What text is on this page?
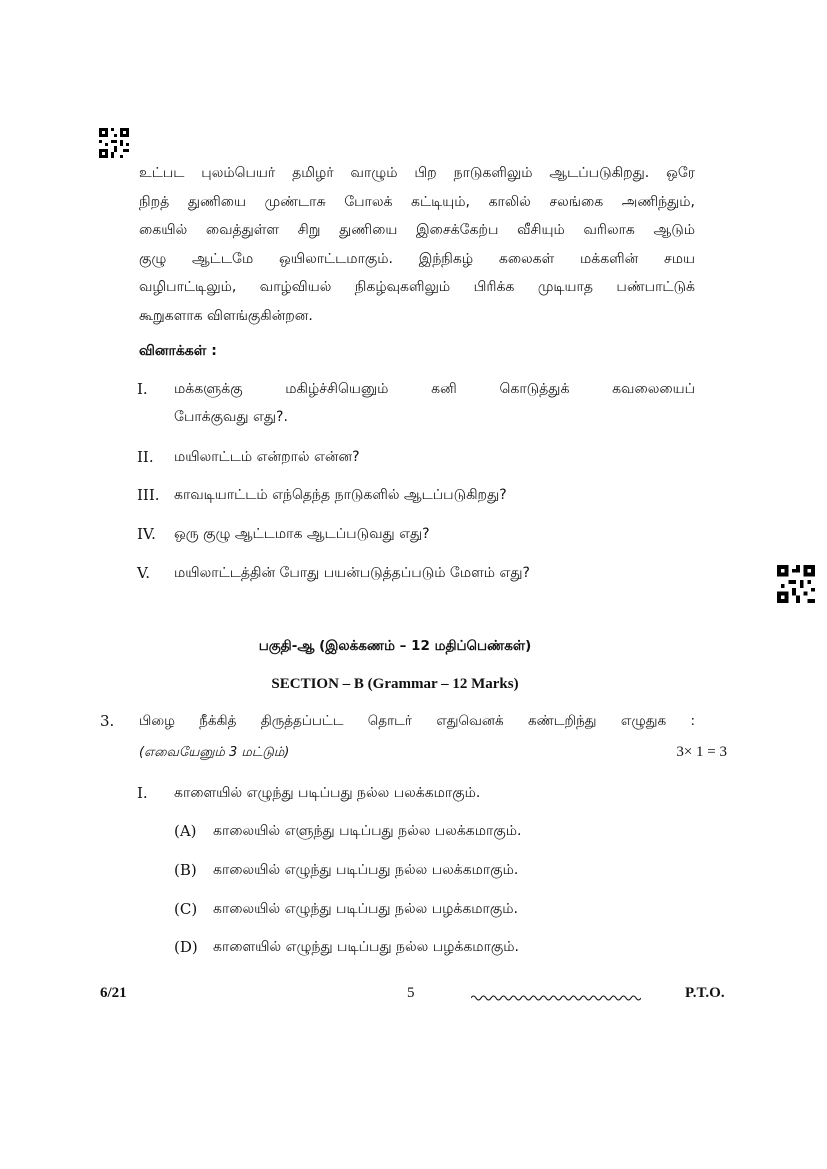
உட்பட புலம்பெயர் தமிழர் வாழும் பிற நாடுகளிலும் ஆடப்படுகிறது. ஒரே
நிறத் துணியை முண்டாசு போலக் கட்டியும், காலில் சலங்கை அணிந்தும்,
கையில் வைத்துள்ள சிறு துணியை இசைக்கேற்ப வீசியும் வரிலாக ஆடும்
குழு ஆட்டமே ஒயிலாட்டமாகும். இந்நிகழ் கலைகள் மக்களின் சமய
வழிபாட்டிலும், வாழ்வியல் நிகழ்வுகளிலும் பிரிக்க முடியாத பண்பாட்டுக்
கூறுகளாக விளங்குகின்றன.
வினாக்கள் :
I. மக்களுக்கு மகிழ்ச்சியெனும் கனி கொடுத்துக் கவலையைப்
போக்குவது எது?.
II. மயிலாட்டம் என்றால் என்ன?
III. காவடியாட்டம் எந்தெந்த நாடுகளில் ஆடப்படுகிறது?
IV. ஒரு குழு ஆட்டமாக ஆடப்படுவது எது?
V. மயிலாட்டத்தின் போது பயன்படுத்தப்படும் மேளம் எது?
பகுதி-ஆ (இலக்கணம் – 12 மதிப்பெண்கள்)
SECTION – B (Grammar – 12 Marks)
3. பிழை நீக்கித் திருத்தப்பட்ட தொடர் எதுவெனக் கண்டறிந்து எழுதுக :
(எவையேனும் 3 மட்டும்)	3× 1 = 3
I. காளையில் எழுந்து படிப்பது நல்ல பலக்கமாகும்.
(A) காலையில் எளுந்து படிப்பது நல்ல பலக்கமாகும்.
(B) காலையில் எழுந்து படிப்பது நல்ல பலக்கமாகும்.
(C) காலையில் எழுந்து படிப்பது நல்ல பழக்கமாகும்.
(D) காளையில் எழுந்து படிப்பது நல்ல பழக்கமாகும்.
6/21	5	P.T.O.
